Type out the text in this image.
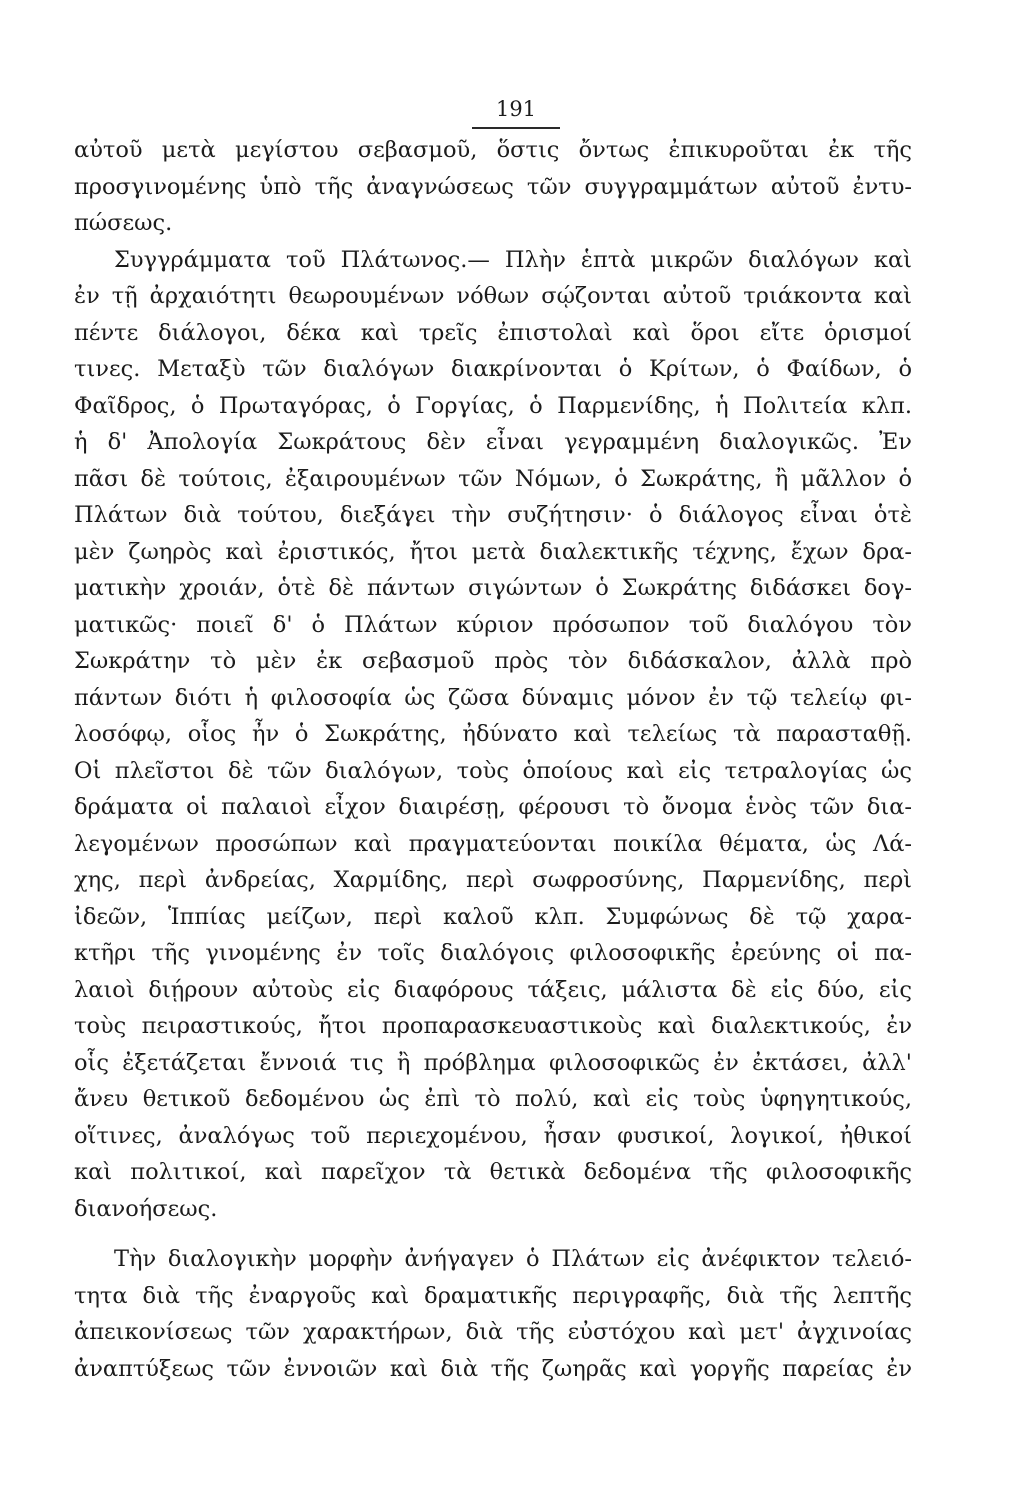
191
αὐτοῦ μετὰ μεγίστου σεβασμοῦ, ὅστις ὄντως ἐπικυροῦται ἐκ τῆς
προσγινομένης ὑπὸ τῆς ἀναγνώσεως τῶν συγγραμμάτων αὐτοῦ ἐντυ-
πώσεως.
Συγγράμματα τοῦ Πλάτωνος.— Πλὴν ἑπτὰ μικρῶν διαλόγων καὶ
ἐν τῇ ἀρχαιότητι θεωρουμένων νόθων σῴζονται αὐτοῦ τριάκοντα καὶ
πέντε διάλογοι, δέκα καὶ τρεῖς ἐπιστολαὶ καὶ ὅροι εἴτε ὁρισμοί
τινες. Μεταξὺ τῶν διαλόγων διακρίνονται ὁ Κρίτων, ὁ Φαίδων, ὁ
Φαῖδρος, ὁ Πρωταγόρας, ὁ Γοργίας, ὁ Παρμενίδης, ἡ Πολιτεία κλπ.
ἡ δ' Ἀπολογία Σωκράτους δὲν εἶναι γεγραμμένη διαλογικῶς. Ἐν
πᾶσι δὲ τούτοις, ἐξαιρουμένων τῶν Νόμων, ὁ Σωκράτης, ἢ μᾶλλον ὁ
Πλάτων διὰ τούτου, διεξάγει τὴν συζήτησιν· ὁ διάλογος εἶναι ὁτὲ
μὲν ζωηρὸς καὶ ἐριστικός, ἤτοι μετὰ διαλεκτικῆς τέχνης, ἔχων δρα-
ματικὴν χροιάν, ὁτὲ δὲ πάντων σιγώντων ὁ Σωκράτης διδάσκει δογ-
ματικῶς· ποιεῖ δ' ὁ Πλάτων κύριον πρόσωπον τοῦ διαλόγου τὸν
Σωκράτην τὸ μὲν ἐκ σεβασμοῦ πρὸς τὸν διδάσκαλον, ἀλλὰ πρὸ
πάντων διότι ἡ φιλοσοφία ὡς ζῶσα δύναμις μόνον ἐν τῷ τελείῳ φι-
λοσόφῳ, οἷος ἦν ὁ Σωκράτης, ἠδύνατο καὶ τελείως τὰ παρασταθῇ.
Οἱ πλεῖστοι δὲ τῶν διαλόγων, τοὺς ὁποίους καὶ εἰς τετραλογίας ὡς
δράματα οἱ παλαιοὶ εἶχον διαιρέσῃ, φέρουσι τὸ ὄνομα ἑνὸς τῶν δια-
λεγομένων προσώπων καὶ πραγματεύονται ποικίλα θέματα, ὡς Λά-
χης, περὶ ἀνδρείας, Χαρμίδης, περὶ σωφροσύνης, Παρμενίδης, περὶ
ἰδεῶν, Ἱππίας μείζων, περὶ καλοῦ κλπ. Συμφώνως δὲ τῷ χαρα-
κτῆρι τῆς γινομένης ἐν τοῖς διαλόγοις φιλοσοφικῆς ἐρεύνης οἱ πα-
λαιοὶ διῄρουν αὐτοὺς εἰς διαφόρους τάξεις, μάλιστα δὲ εἰς δύο, εἰς
τοὺς πειραστικούς, ἤτοι προπαρασκευαστικοὺς καὶ διαλεκτικούς, ἐν
οἷς ἐξετάζεται ἔννοιά τις ἢ πρόβλημα φιλοσοφικῶς ἐν ἐκτάσει, ἀλλ'
ἄνευ θετικοῦ δεδομένου ὡς ἐπὶ τὸ πολύ, καὶ εἰς τοὺς ὑφηγητικούς,
οἵτινες, ἀναλόγως τοῦ περιεχομένου, ἦσαν φυσικοί, λογικοί, ἠθικοί
καὶ πολιτικοί, καὶ παρεῖχον τὰ θετικὰ δεδομένα τῆς φιλοσοφικῆς
διανοήσεως.
Τὴν διαλογικὴν μορφὴν ἀνήγαγεν ὁ Πλάτων εἰς ἀνέφικτον τελειό-
τητα διὰ τῆς ἐναργοῦς καὶ δραματικῆς περιγραφῆς, διὰ τῆς λεπτῆς
ἀπεικονίσεως τῶν χαρακτήρων, διὰ τῆς εὐστόχου καὶ μετ' ἀγχινοίας
ἀναπτύξεως τῶν ἐννοιῶν καὶ διὰ τῆς ζωηρᾶς καὶ γοργῆς παρείας ἐν
